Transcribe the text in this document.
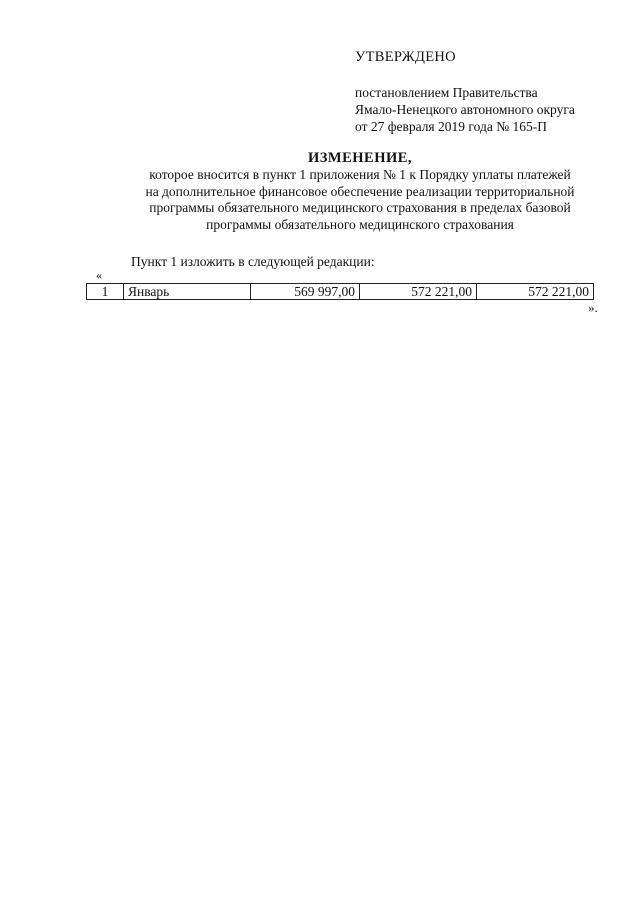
УТВЕРЖДЕНО
постановлением Правительства
Ямало-Ненецкого автономного округа
от 27 февраля 2019 года № 165-П
ИЗМЕНЕНИЕ,
которое вносится в пункт 1 приложения № 1 к Порядку уплаты платежей
на дополнительное финансовое обеспечение реализации территориальной
программы обязательного медицинского страхования в пределах базовой
программы обязательного медицинского страхования
Пункт 1 изложить в следующей редакции:
«
1	Январь	569 997,00	572 221,00	572 221,00
».
